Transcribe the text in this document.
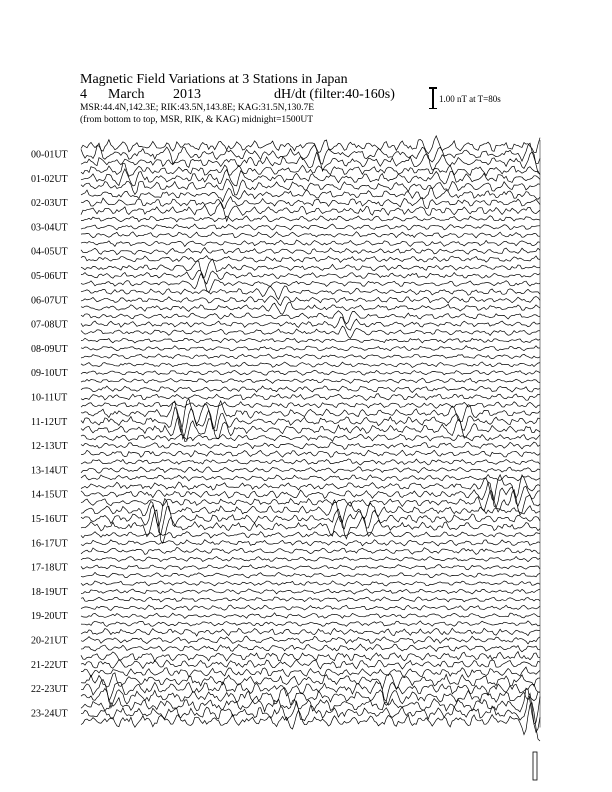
Magnetic Field Variations at 3 Stations in Japan
4 March 2013	dH/dt (filter:40-160s)
MSR:44.4N,142.3E; RIK:43.5N,143.8E; KAG:31.5N,130.7E
(from bottom to top, MSR, RIK, & KAG) midnight=1500UT
1.00 nT at T=80s
00-01UT
01-02UT
02-03UT
03-04UT
04-05UT
05-06UT
06-07UT
07-08UT
08-09UT
09-10UT
10-11UT
11-12UT
12-13UT
13-14UT
14-15UT
15-16UT
16-17UT
17-18UT
18-19UT
19-20UT
20-21UT
21-22UT
22-23UT
23-24UT
